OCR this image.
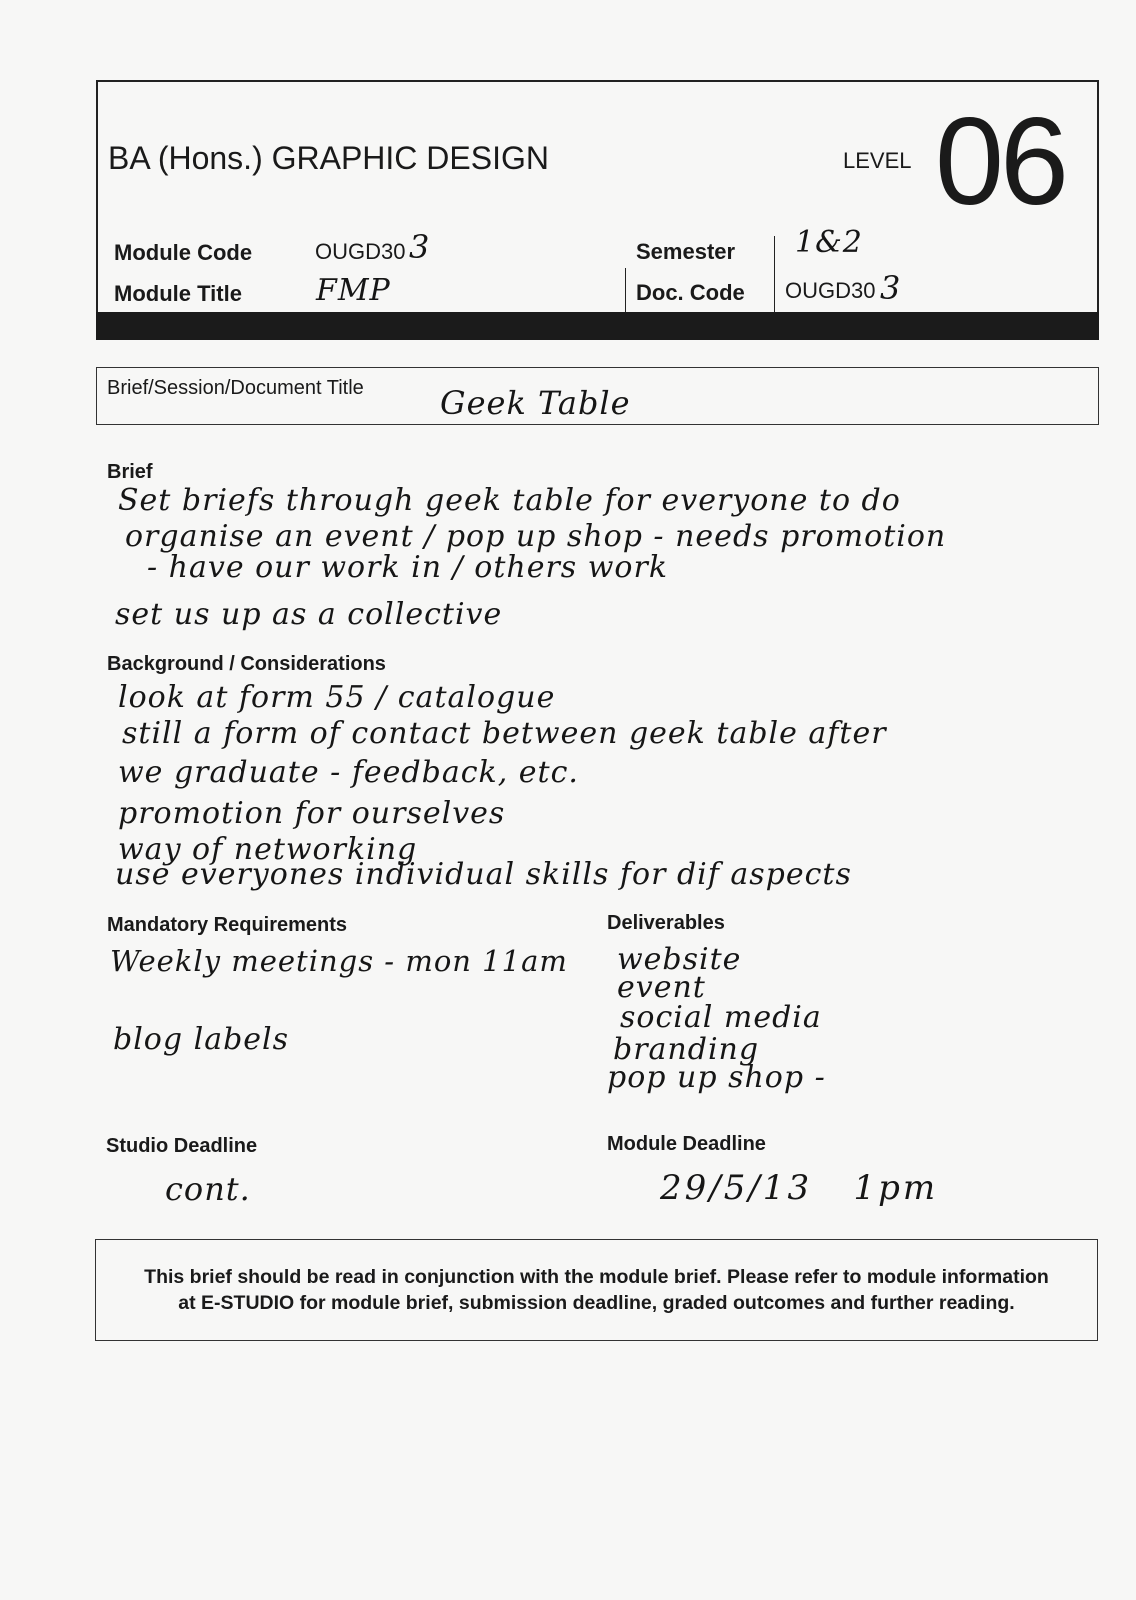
BA (Hons.) GRAPHIC DESIGN	LEVEL 06
Module Code	OUGD30 3
Module Title FMP
Semester 1&2
Doc. Code OUGD30 3
Brief/Session/Document Title Geek Table
Brief
Set briefs through geek table for everyone to do
organise an event / pop up shop - needs promotion
- have our work in / others work
set us up as a collective
Background / Considerations
look at form 55 / catalogue
still a form of contact between geek table after
we graduate - feedback, etc.
promotion for ourselves
way of networking
use everyones individual skills for dif aspects
Mandatory Requirements
Weekly meetings - mon 11am
blog labels
Deliverables
website
event
social media
branding
pop up shop -
Studio Deadline
cont.
Module Deadline
29/5/13   1pm
This brief should be read in conjunction with the module brief. Please refer to module information
at E-STUDIO for module brief, submission deadline, graded outcomes and further reading.
